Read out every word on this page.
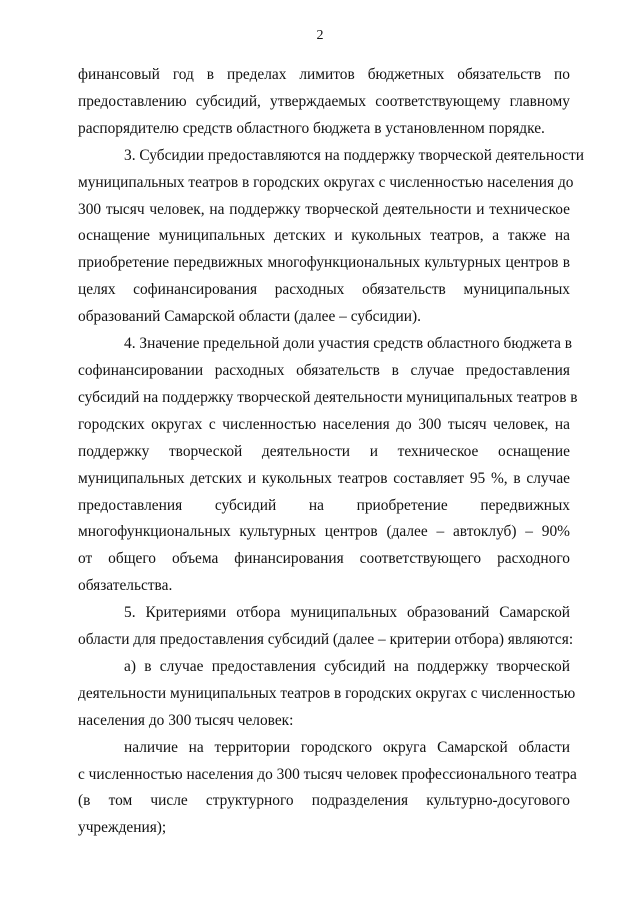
2

финансовый год в пределах лимитов бюджетных обязательств по
предоставлению субсидий, утверждаемых соответствующему главному
распорядителю средств областного бюджета в установленном порядке.

3. Субсидии предоставляются на поддержку творческой деятельности
муниципальных театров в городских округах с численностью населения до
300 тысяч человек, на поддержку творческой деятельности и техническое
оснащение муниципальных детских и кукольных театров, а также на
приобретение передвижных многофункциональных культурных центров в
целях софинансирования расходных обязательств муниципальных
образований Самарской области (далее – субсидии).

4. Значение предельной доли участия средств областного бюджета в
софинансировании расходных обязательств в случае предоставления
субсидий на поддержку творческой деятельности муниципальных театров в
городских округах с численностью населения до 300 тысяч человек, на
поддержку творческой деятельности и техническое оснащение
муниципальных детских и кукольных театров составляет 95 %, в случае
предоставления субсидий на приобретение передвижных
многофункциональных культурных центров (далее – автоклуб) – 90%
от общего объема финансирования соответствующего расходного
обязательства.

5. Критериями отбора муниципальных образований Самарской
области для предоставления субсидий (далее – критерии отбора) являются:

а) в случае предоставления субсидий на поддержку творческой
деятельности муниципальных театров в городских округах с численностью
населения до 300 тысяч человек:

наличие на территории городского округа Самарской области
с численностью населения до 300 тысяч человек профессионального театра
(в том числе структурного подразделения культурно-досугового
учреждения);
